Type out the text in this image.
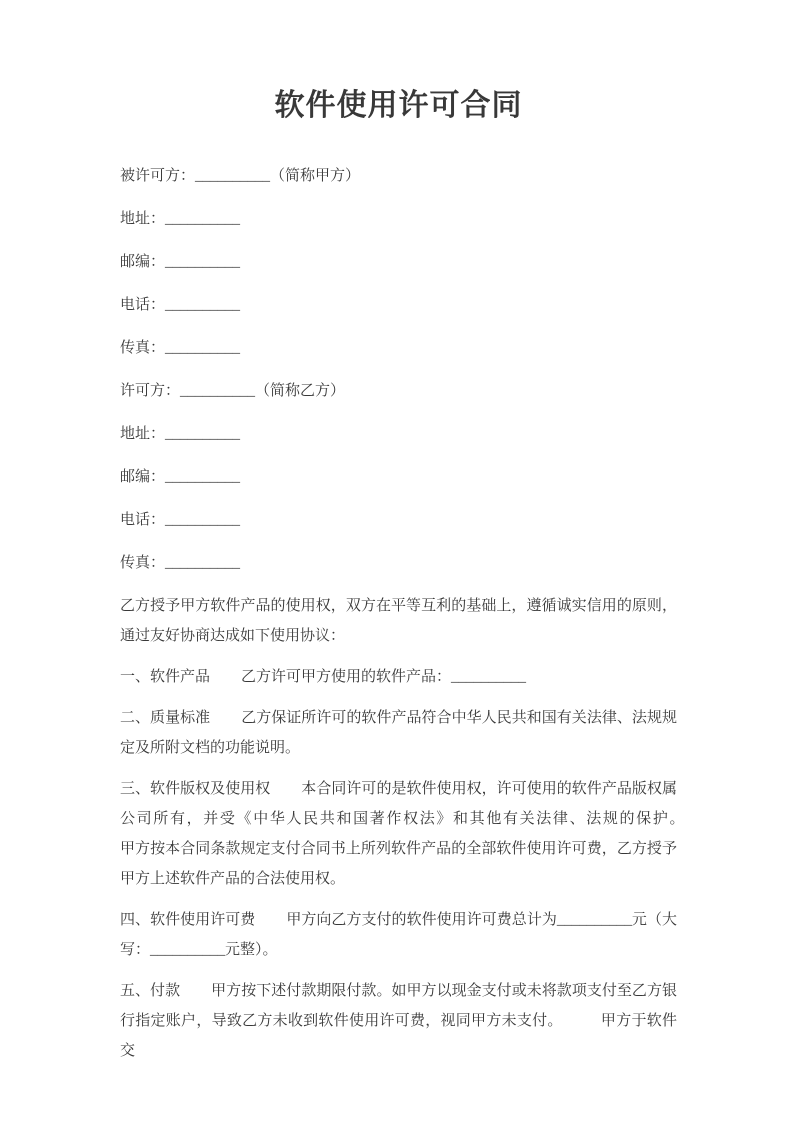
软件使用许可合同

被许可方：__________（简称甲方）

地址：__________

邮编：__________

电话：__________

传真：__________

许可方：__________（简称乙方）

地址：__________

邮编：__________

电话：__________

传真：__________

乙方授予甲方软件产品的使用权，双方在平等互利的基础上，遵循诚实信用的原则，通过友好协商达成如下使用协议：

一、软件产品 乙方许可甲方使用的软件产品：__________

二、质量标准 乙方保证所许可的软件产品符合中华人民共和国有关法律、法规规定及所附文档的功能说明。

三、软件版权及使用权 本合同许可的是软件使用权，许可使用的软件产品版权属公司所有，并受《中华人民共和国著作权法》和其他有关法律、法规的保护。　　　甲方按本合同条款规定支付合同书上所列软件产品的全部软件使用许可费，乙方授予甲方上述软件产品的合法使用权。

四、软件使用许可费 甲方向乙方支付的软件使用许可费总计为__________元（大写：__________元整）。

五、付款 甲方按下述付款期限付款。如甲方以现金支付或未将款项支付至乙方银行指定账户，导致乙方未收到软件使用许可费，视同甲方未支付。　　　甲方于软件交
